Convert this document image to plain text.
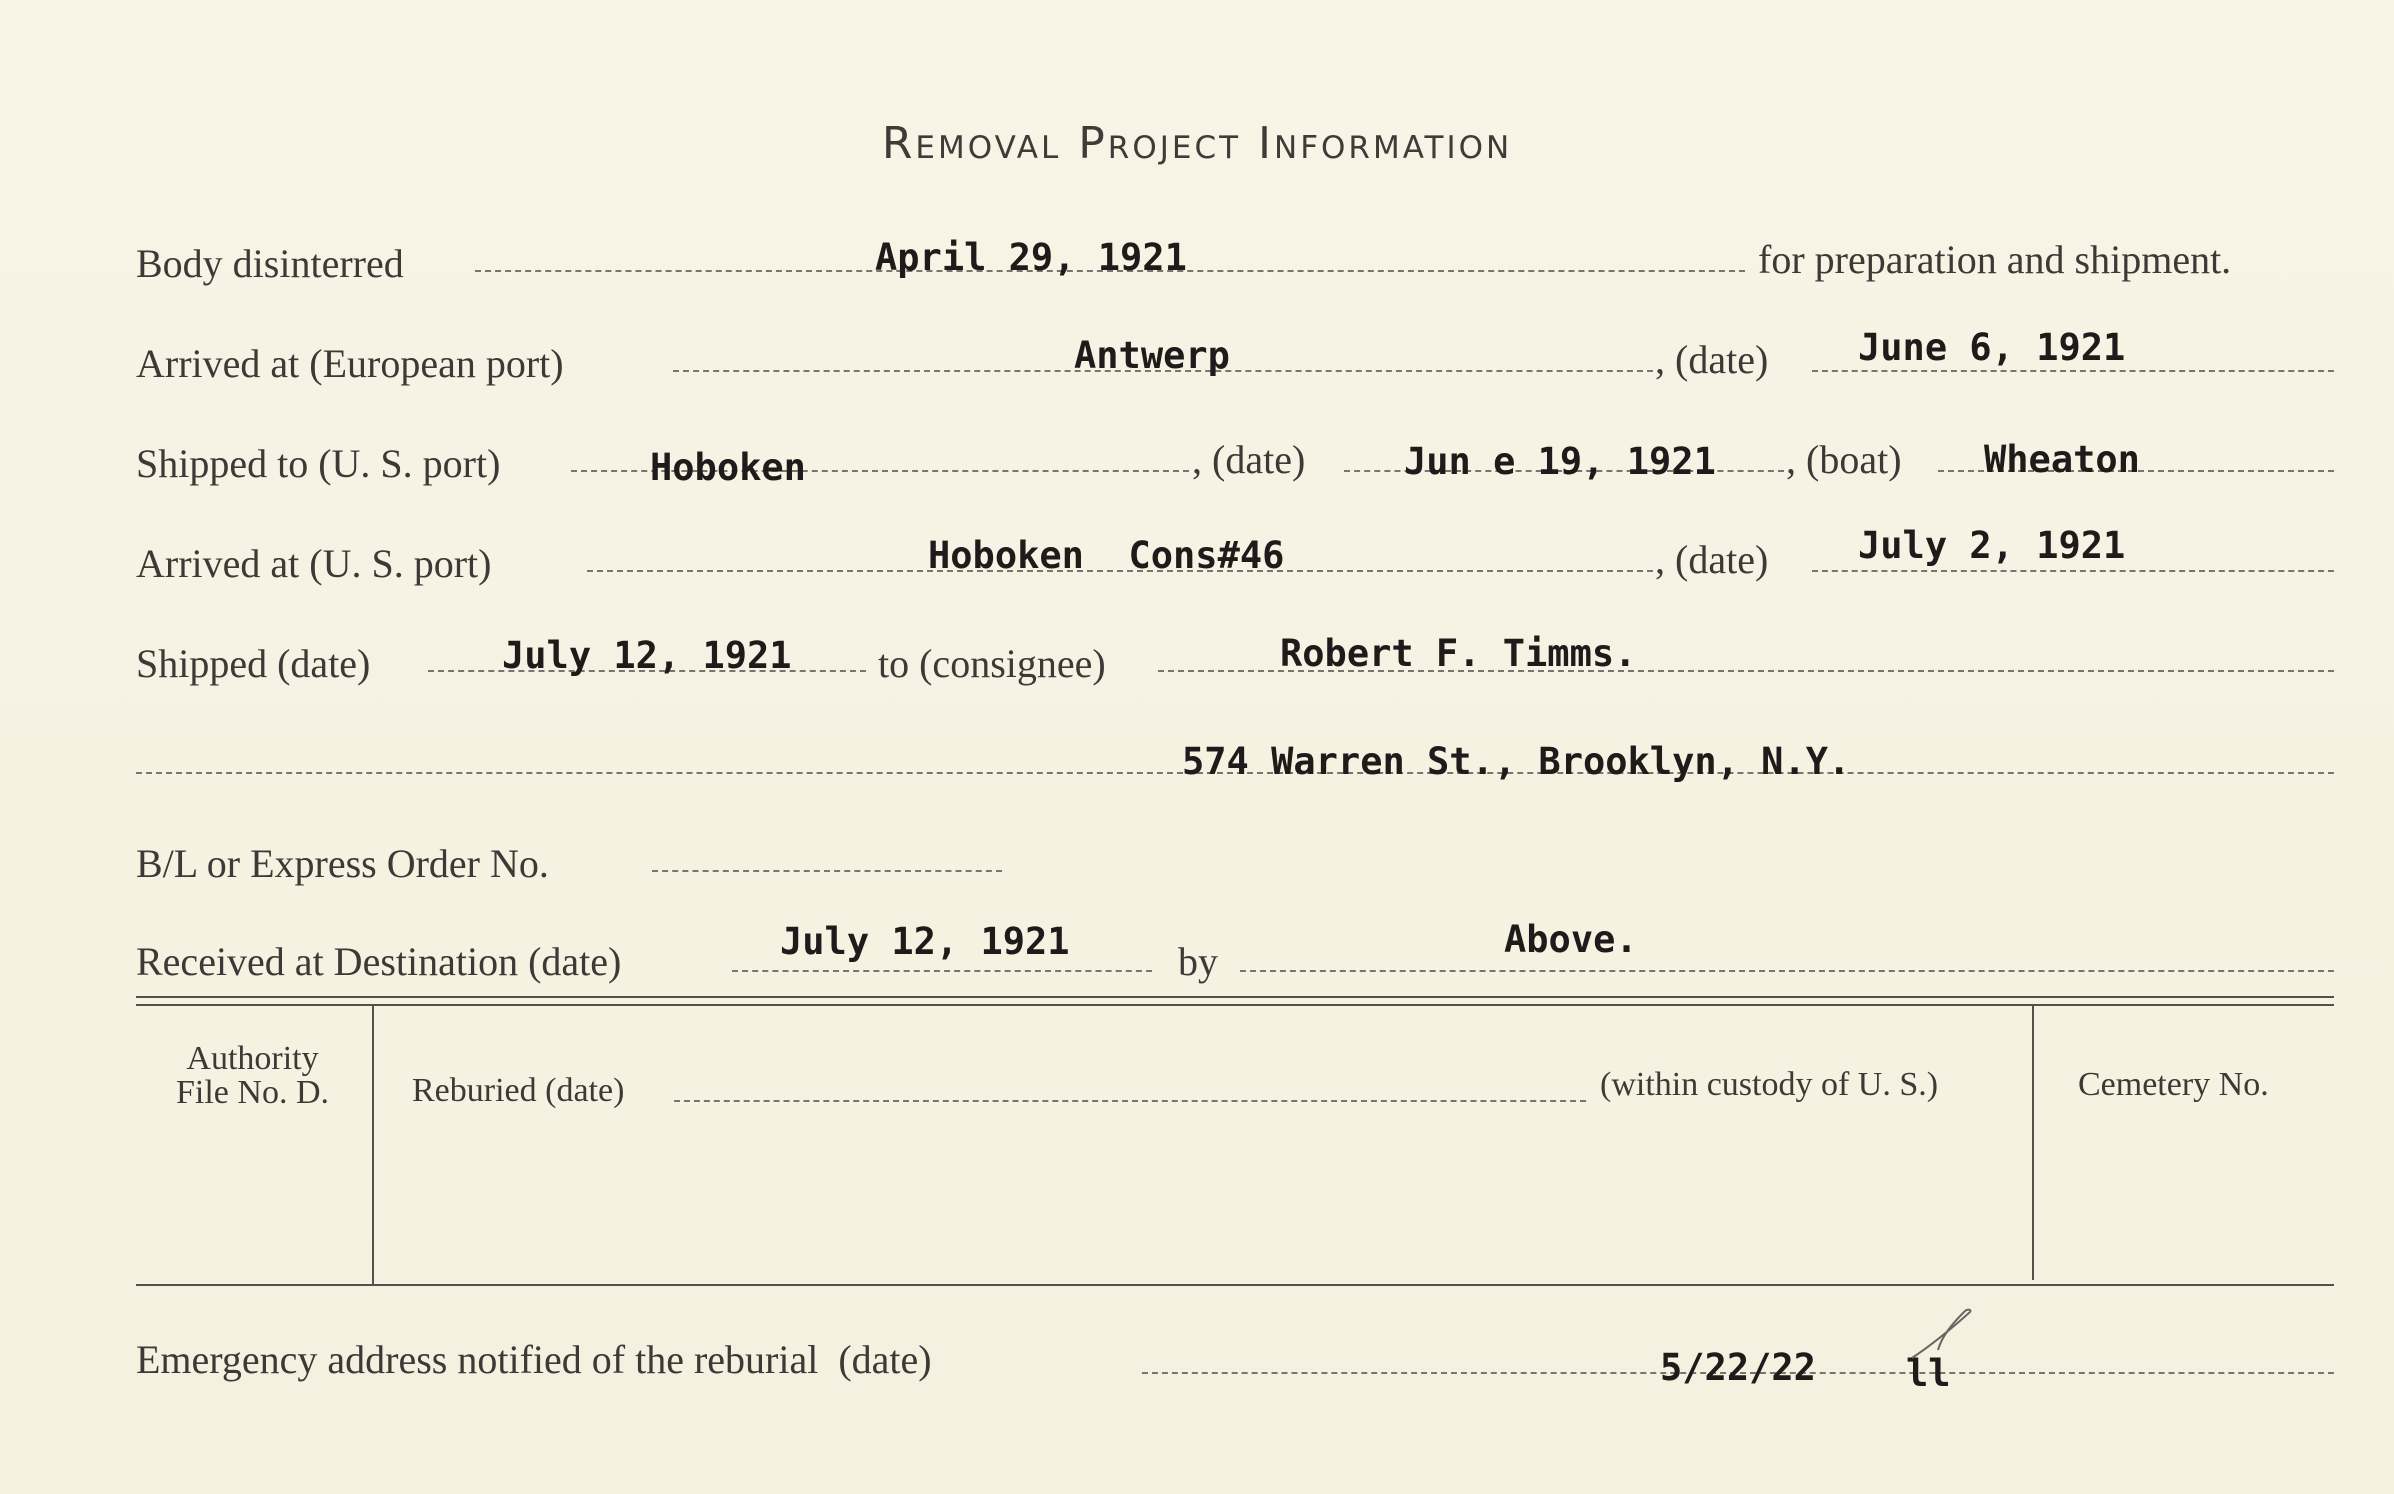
Removal Project Information
Body disinterred	April 29, 1921	for preparation and shipment.
Arrived at (European port)	Antwerp	, (date) June 6, 1921
Shipped to (U. S. port)	Hoboken	, (date)	Jun e 19, 1921 , (boat) Wheaton
Arrived at (U. S. port)	Hoboken  Cons#46	, (date) July 2, 1921
Shipped (date)	July 12, 1921 to (consignee)	Robert F. Timms.
574 Warren St., Brooklyn, N.Y.
B/L or Express Order No.
Received at Destination (date)	July 12, 1921	by	Above.
Authority
File No. D.	Reburied (date)	(within custody of U. S.)	Cemetery No.
Emergency address notified of the reburial  (date)	5/22/22 ll
